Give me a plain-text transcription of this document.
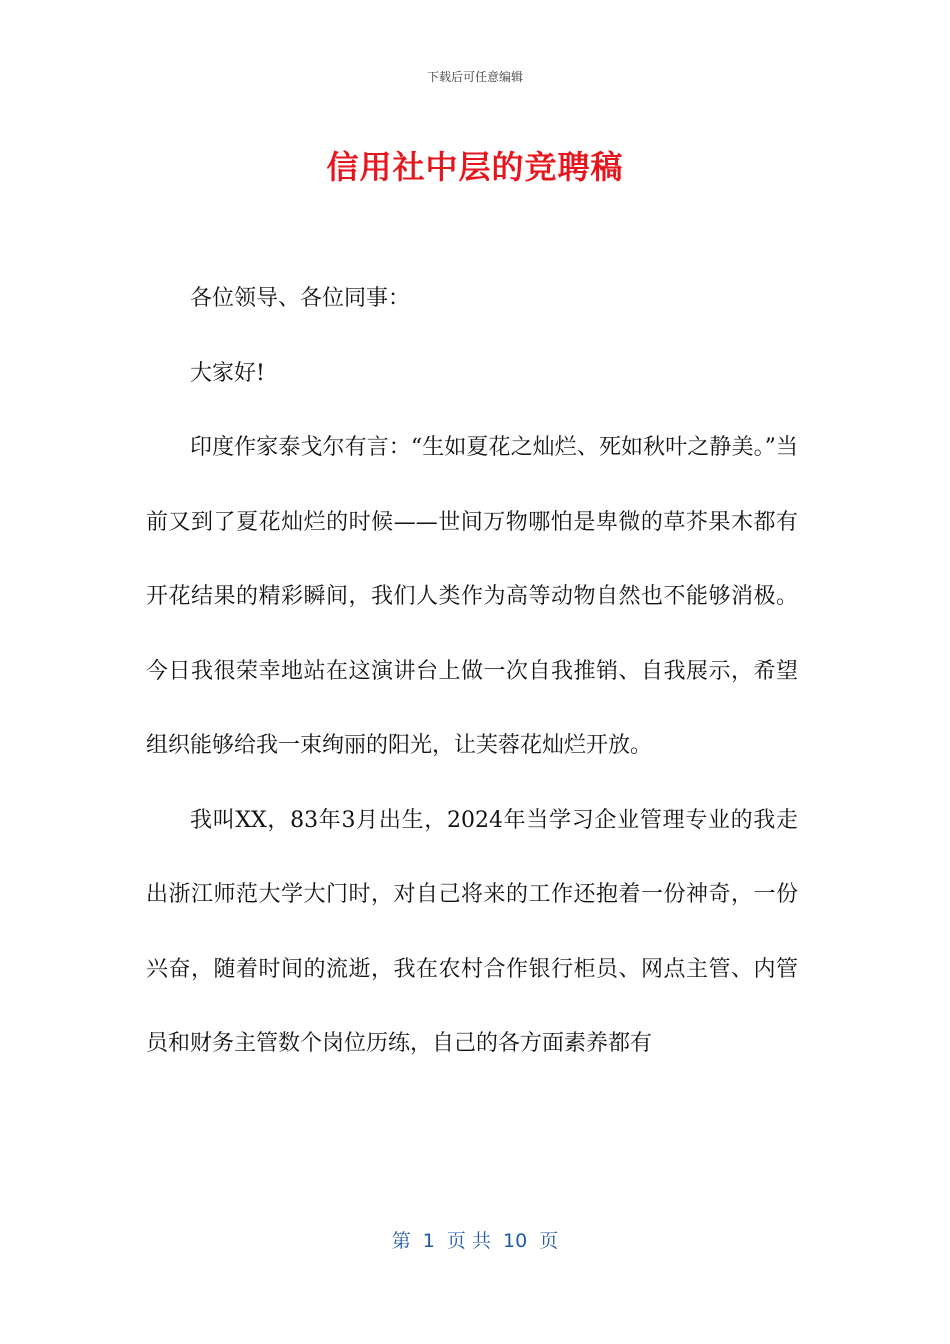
下载后可任意编辑
信用社中层的竞聘稿

各位领导、各位同事：

大家好!

印度作家泰戈尔有言：“生如夏花之灿烂、死如秋叶之静美。”当前又到了夏花灿烂的时候——世间万物哪怕是卑微的草芥果木都有开花结果的精彩瞬间，我们人类作为高等动物自然也不能够消极。今日我很荣幸地站在这演讲台上做一次自我推销、自我展示，希望组织能够给我一束绚丽的阳光，让芙蓉花灿烂开放。

我叫XX，83年3月出生，2024年当学习企业管理专业的我走出浙江师范大学大门时，对自己将来的工作还抱着一份神奇，一份兴奋，随着时间的流逝，我在农村合作银行柜员、网点主管、内管员和财务主管数个岗位历练，自己的各方面素养都有

第  1  页 共  10  页
